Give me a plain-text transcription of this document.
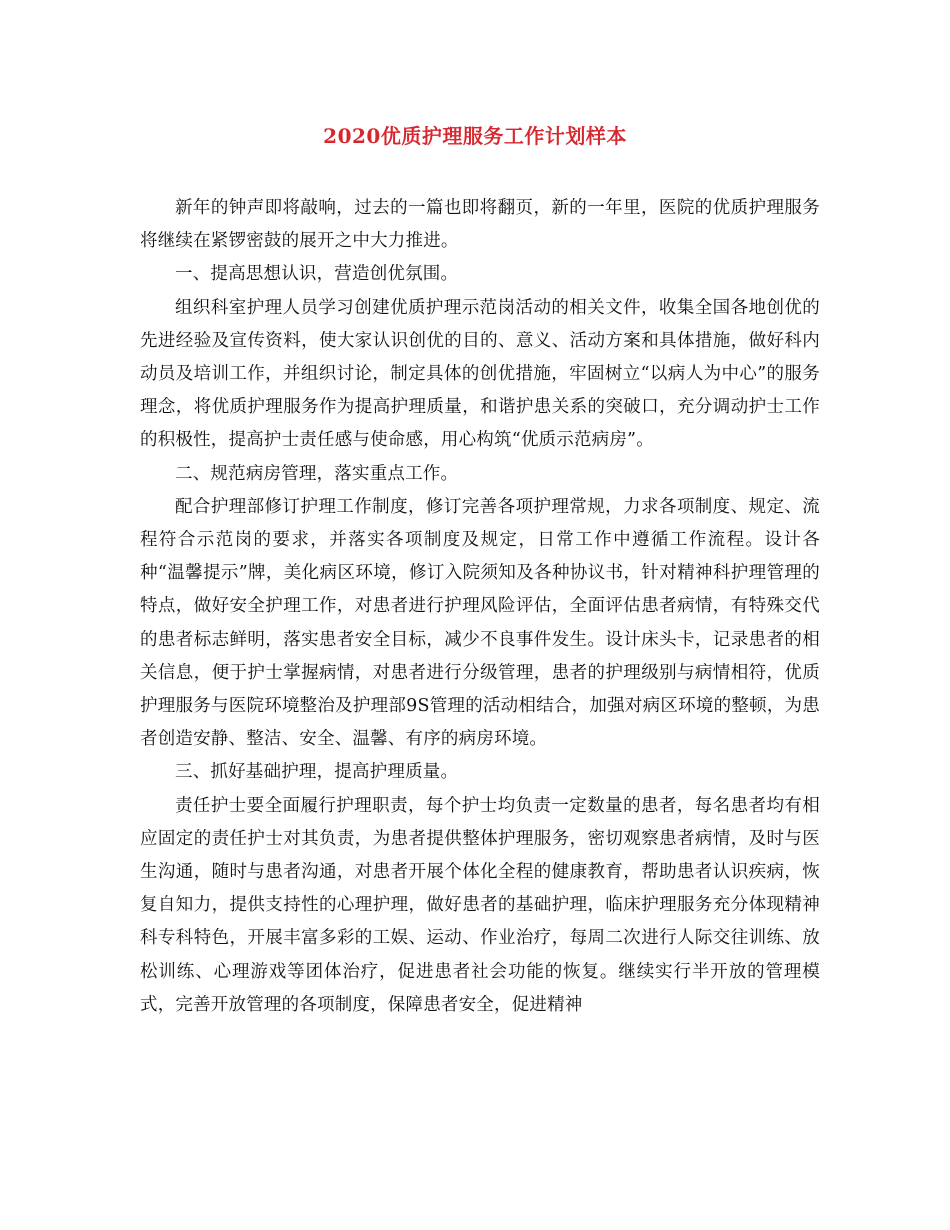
2020优质护理服务工作计划样本

新年的钟声即将敲响，过去的一篇也即将翻页，新的一年里，医院的优质护理服务将继续在紧锣密鼓的展开之中大力推进。

一、提高思想认识，营造创优氛围。

组织科室护理人员学习创建优质护理示范岗活动的相关文件，收集全国各地创优的先进经验及宣传资料，使大家认识创优的目的、意义、活动方案和具体措施，做好科内动员及培训工作，并组织讨论，制定具体的创优措施，牢固树立“以病人为中心”的服务理念，将优质护理服务作为提高护理质量，和谐护患关系的突破口，充分调动护士工作的积极性，提高护士责任感与使命感，用心构筑“优质示范病房”。

二、规范病房管理，落实重点工作。

配合护理部修订护理工作制度，修订完善各项护理常规，力求各项制度、规定、流程符合示范岗的要求，并落实各项制度及规定，日常工作中遵循工作流程。设计各种“温馨提示”牌，美化病区环境，修订入院须知及各种协议书，针对精神科护理管理的特点，做好安全护理工作，对患者进行护理风险评估，全面评估患者病情，有特殊交代的患者标志鲜明，落实患者安全目标，减少不良事件发生。设计床头卡，记录患者的相关信息，便于护士掌握病情，对患者进行分级管理，患者的护理级别与病情相符，优质护理服务与医院环境整治及护理部9S管理的活动相结合，加强对病区环境的整顿，为患者创造安静、整洁、安全、温馨、有序的病房环境。

三、抓好基础护理，提高护理质量。

责任护士要全面履行护理职责，每个护士均负责一定数量的患者，每名患者均有相应固定的责任护士对其负责，为患者提供整体护理服务，密切观察患者病情，及时与医生沟通，随时与患者沟通，对患者开展个体化全程的健康教育，帮助患者认识疾病，恢复自知力，提供支持性的心理护理，做好患者的基础护理，临床护理服务充分体现精神科专科特色，开展丰富多彩的工娱、运动、作业治疗，每周二次进行人际交往训练、放松训练、心理游戏等团体治疗，促进患者社会功能的恢复。继续实行半开放的管理模式，完善开放管理的各项制度，保障患者安全，促进精神
